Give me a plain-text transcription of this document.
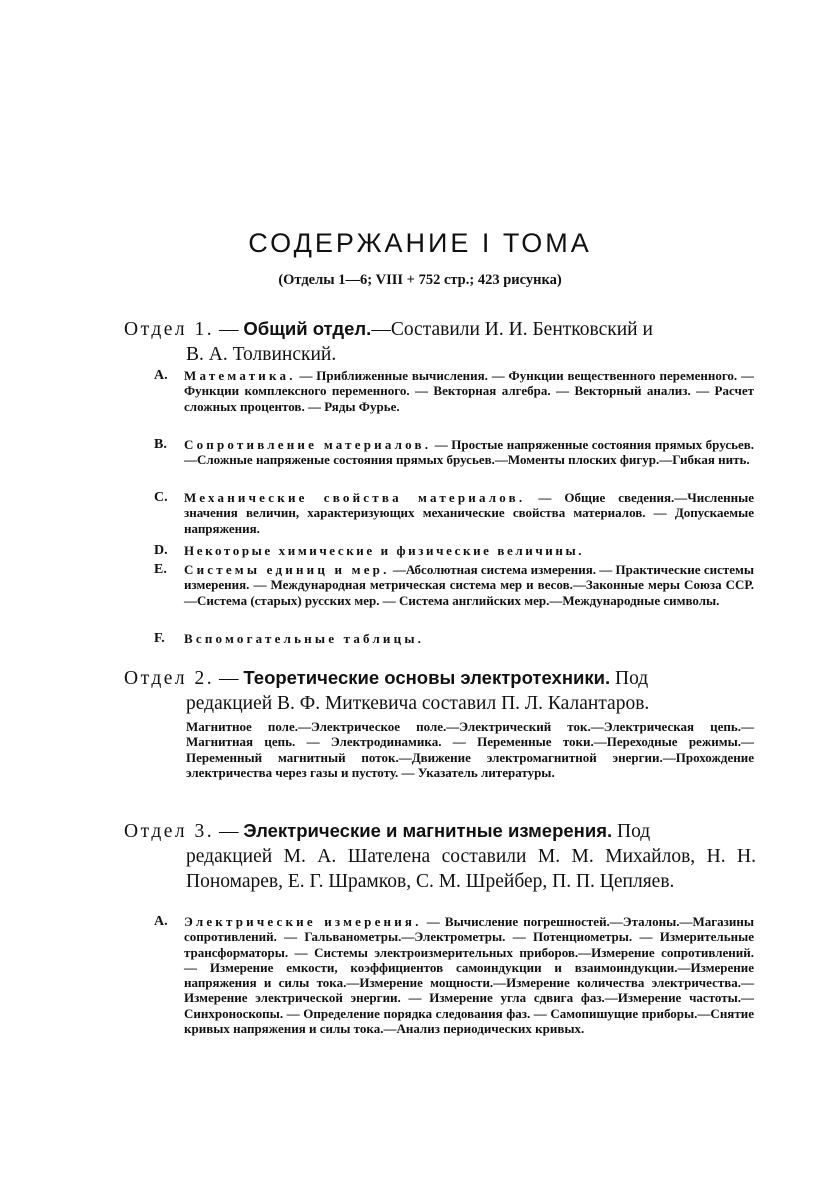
СОДЕРЖАНИЕ I ТОМА
(Отделы 1—6; VIII + 752 стр.; 423 рисунка)
Отдел 1. — Общий отдел.—Составили И. И. Бентковский и
В. А. Толвинский.
A. Математика. — Приближенные вычисления. — Функции вещественного переменного. — Функции комплексного переменного. — Векторная алгебра. — Векторный анализ. — Расчет сложных процентов. — Ряды Фурье.
B. Сопротивление материалов. — Простые напряженные состояния прямых брусьев.—Сложные напряженые состояния прямых брусьев.—Моменты плоских фигур.—Гибкая нить.
C. Механические свойства материалов. — Общие сведения.—Численные значения величин, характеризующих механические свойства материалов. — Допускаемые напряжения.
D. Некоторые химические и физические величины.
E. Системы единиц и мер. —Абсолютная система измерения. — Практические системы измерения. — Международная метрическая система мер и весов.—Законные меры Союза ССР.—Система (старых) русских мер. — Система английских мер.—Международные символы.
F. Вспомогательные таблицы.
Отдел 2. — Теоретические основы электротехники. Под
редакцией В. Ф. Миткевича составил П. Л. Калантаров.
Магнитное поле.—Электрическое поле.—Электрический ток.—Электрическая цепь.—Магнитная цепь. — Электродинамика. — Переменные токи.—Переходные режимы.—Переменный магнитный поток.—Движение электромагнитной энергии.—Прохождение электричества через газы и пустоту. — Указатель литературы.
Отдел 3. — Электрические и магнитные измерения. Под
редакцией М. А. Шателена составили М. М. Михайлов, Н. Н. Пономарев, Е. Г. Шрамков, С. М. Шрейбер, П. П. Цепляев.
A. Электрические измерения. — Вычисление погрешностей.—Эталоны.—Магазины сопротивлений. — Гальванометры.—Электрометры. — Потенциометры. — Измерительные трансформаторы. — Системы электроизмерительных приборов.—Измерение сопротивлений. — Измерение емкости, коэффициентов самоиндукции и взаимоиндукции.—Измерение напряжения и силы тока.—Измерение мощности.—Измерение количества электричества.—Измерение электрической энергии. — Измерение угла сдвига фаз.—Измерение частоты.—Синхроноскопы. — Определение порядка следования фаз. — Самопишущие приборы.—Снятие кривых напряжения и силы тока.—Анализ периодических кривых.
